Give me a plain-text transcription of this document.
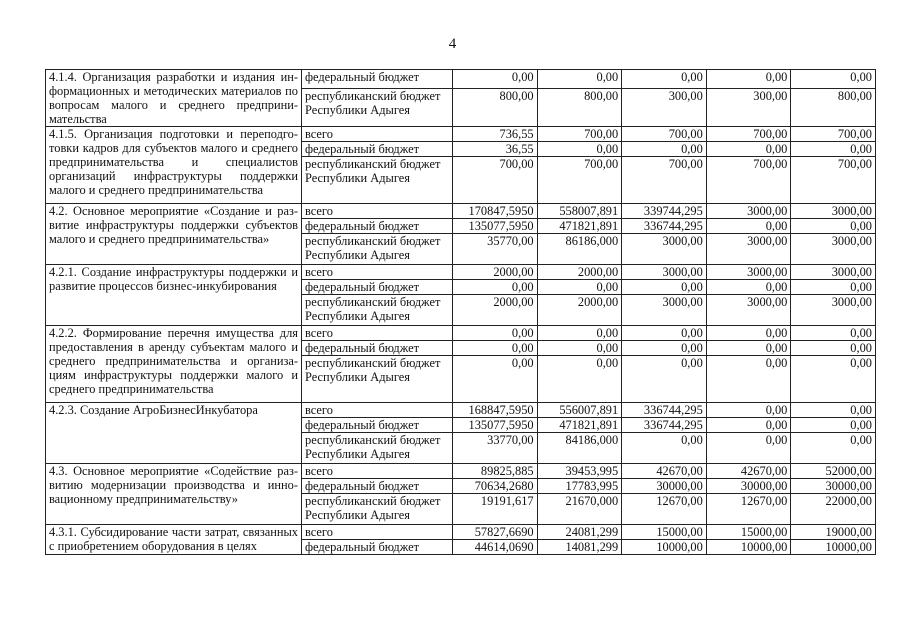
4
4.1.4. Организация разработки и издания информационных и методических материалов по вопросам малого и среднего предпринимательства	федеральный бюджет	0,00	0,00	0,00	0,00	0,00
	республиканский бюджет Республики Адыгея	800,00	800,00	300,00	300,00	800,00
4.1.5. Организация подготовки и переподготовки кадров для субъектов малого и среднего предпринимательства и специалистов организаций инфраструктуры поддержки малого и среднего предпринимательства	всего	736,55	700,00	700,00	700,00	700,00
	федеральный бюджет	36,55	0,00	0,00	0,00	0,00
	республиканский бюджет Республики Адыгея	700,00	700,00	700,00	700,00	700,00
4.2. Основное мероприятие «Создание и развитие инфраструктуры поддержки субъектов малого и среднего предпринимательства»	всего	170847,5950	558007,891	339744,295	3000,00	3000,00
	федеральный бюджет	135077,5950	471821,891	336744,295	0,00	0,00
	республиканский бюджет Республики Адыгея	35770,00	86186,000	3000,00	3000,00	3000,00
4.2.1. Создание инфраструктуры поддержки и развитие процессов бизнес-инкубирования	всего	2000,00	2000,00	3000,00	3000,00	3000,00
	федеральный бюджет	0,00	0,00	0,00	0,00	0,00
	республиканский бюджет Республики Адыгея	2000,00	2000,00	3000,00	3000,00	3000,00
4.2.2. Формирование перечня имущества для предоставления в аренду субъектам малого и среднего предпринимательства и организациям инфраструктуры поддержки малого и среднего предпринимательства	всего	0,00	0,00	0,00	0,00	0,00
	федеральный бюджет	0,00	0,00	0,00	0,00	0,00
	республиканский бюджет Республики Адыгея	0,00	0,00	0,00	0,00	0,00
4.2.3. Создание АгроБизнесИнкубатора	всего	168847,5950	556007,891	336744,295	0,00	0,00
	федеральный бюджет	135077,5950	471821,891	336744,295	0,00	0,00
	республиканский бюджет Республики Адыгея	33770,00	84186,000	0,00	0,00	0,00
4.3. Основное мероприятие «Содействие развитию модернизации производства и инновационному предпринимательству»	всего	89825,885	39453,995	42670,00	42670,00	52000,00
	федеральный бюджет	70634,2680	17783,995	30000,00	30000,00	30000,00
	республиканский бюджет Республики Адыгея	19191,617	21670,000	12670,00	12670,00	22000,00
4.3.1. Субсидирование части затрат, связанных с приобретением оборудования в целях	всего	57827,6690	24081,299	15000,00	15000,00	19000,00
	федеральный бюджет	44614,0690	14081,299	10000,00	10000,00	10000,00
